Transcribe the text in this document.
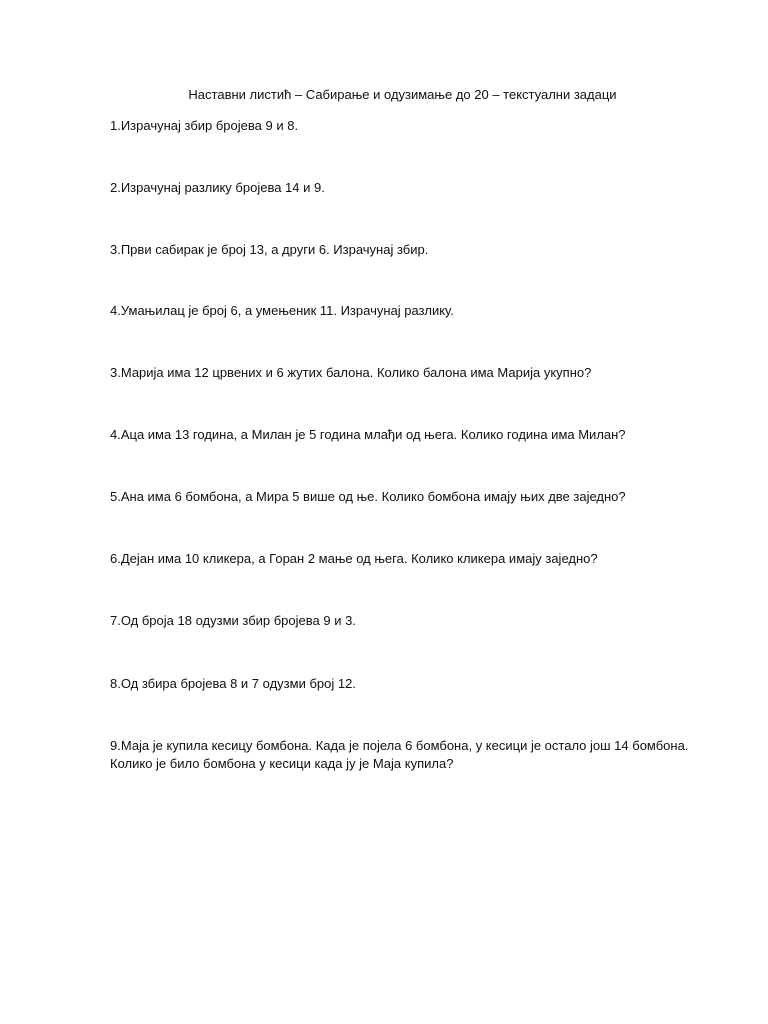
Наставни листић – Сабирање и одузимање до 20 – текстуални задаци
1.Израчунај збир бројева 9 и 8.
2.Израчунај разлику бројева 14 и 9.
3.Први сабирак је број 13, а други 6. Израчунај збир.
4.Умањилац је број 6, а умењеник 11. Израчунај разлику.
3.Марија има 12 црвених и 6 жутих балона. Колико балона има Марија укупно?
4.Аца има 13 година, а Милан је 5 година млађи од њега. Колико година има Милан?
5.Ана има 6 бомбона, а Мира 5 више од ње. Колико бомбона имају њих две заједно?
6.Дејан има 10 кликера, а Горан 2 мање од њега. Колико кликера имају заједно?
7.Од броја 18 одузми збир бројева 9 и 3.
8.Од збира бројева 8 и 7 одузми број 12.
9.Маја је купила кесицу бомбона. Када је појела 6 бомбона, у кесици је остало још 14 бомбона.
Колико је било бомбона у кесици када ју је Маја купила?
